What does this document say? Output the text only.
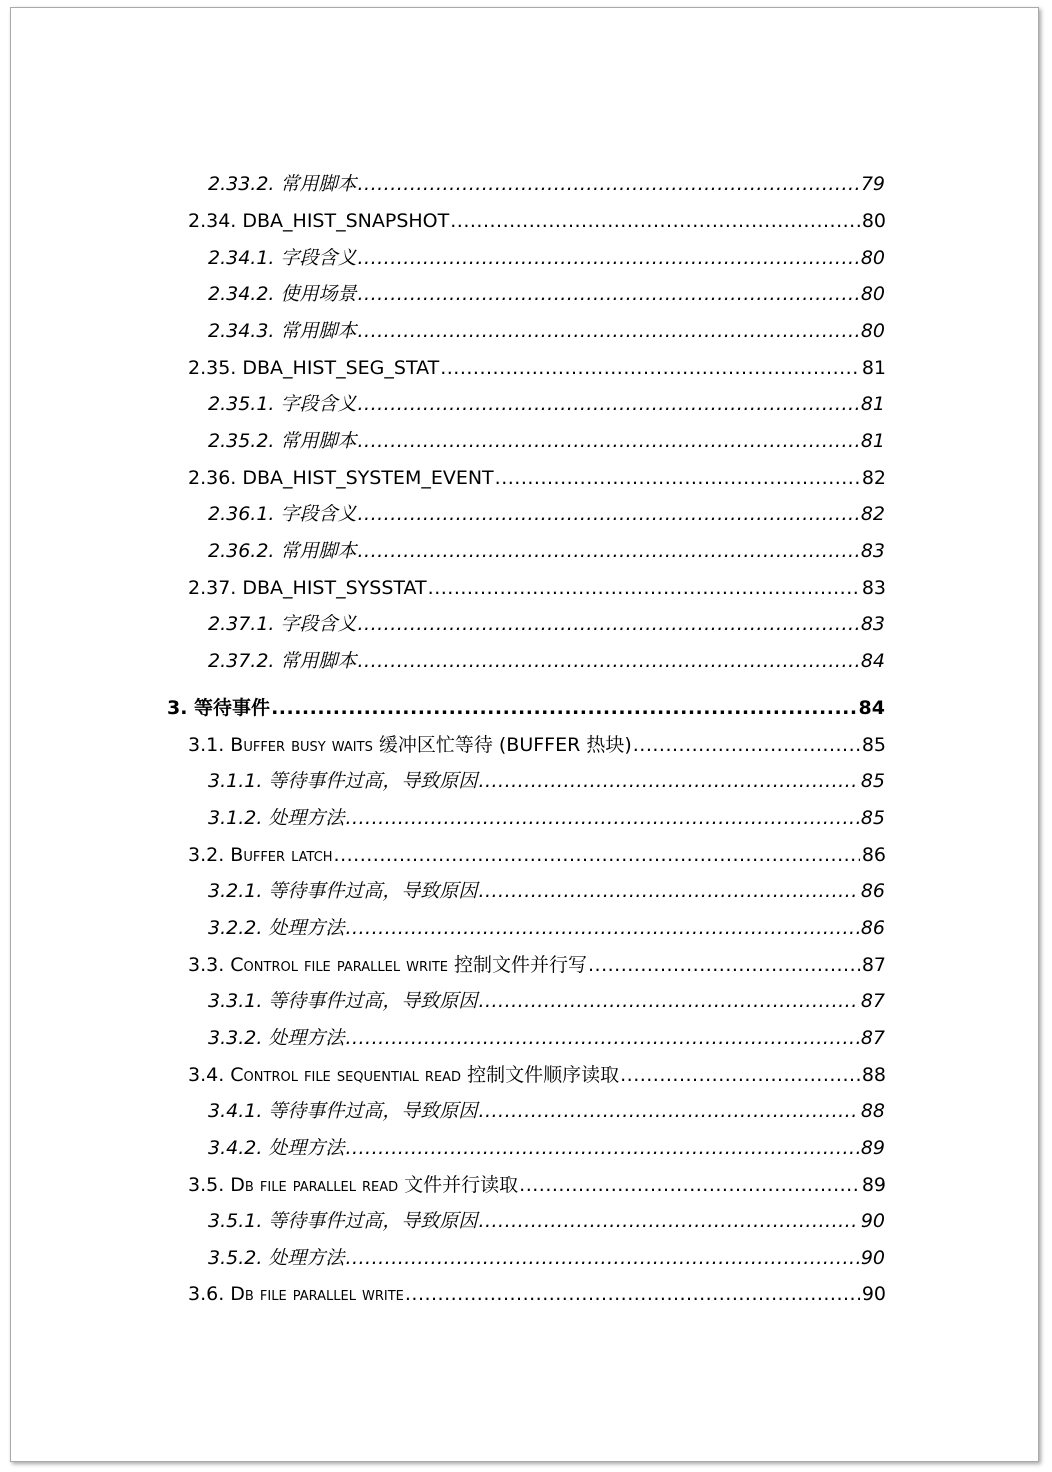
2.33.2. 常用脚本 .....	79
2.34. DBA_HIST_SNAPSHOT .....	80
2.34.1. 字段含义 .....	80
2.34.2. 使用场景 .....	80
2.34.3. 常用脚本 .....	80
2.35. DBA_HIST_SEG_STAT .....	81
2.35.1. 字段含义 .....	81
2.35.2. 常用脚本 .....	81
2.36. DBA_HIST_SYSTEM_EVENT .....	82
2.36.1. 字段含义 .....	82
2.36.2. 常用脚本 .....	83
2.37. DBA_HIST_SYSSTAT .....	83
2.37.1. 字段含义 .....	83
2.37.2. 常用脚本 .....	84
3. 等待事件 .....	84
3.1. Buffer busy waits 缓冲区忙等待 (BUFFER 热块) .....	85
3.1.1. 等待事件过高，导致原因 .....	85
3.1.2. 处理方法 .....	85
3.2. Buffer latch .....	86
3.2.1. 等待事件过高，导致原因 .....	86
3.2.2. 处理方法 .....	86
3.3. Control file parallel write 控制文件并行写 .....	87
3.3.1. 等待事件过高，导致原因 .....	87
3.3.2. 处理方法 .....	87
3.4. Control file sequential read 控制文件顺序读取 .....	88
3.4.1. 等待事件过高，导致原因 .....	88
3.4.2. 处理方法 .....	89
3.5. Db file parallel read 文件并行读取 .....	89
3.5.1. 等待事件过高，导致原因 .....	90
3.5.2. 处理方法 .....	90
3.6. Db file parallel write .....	90
